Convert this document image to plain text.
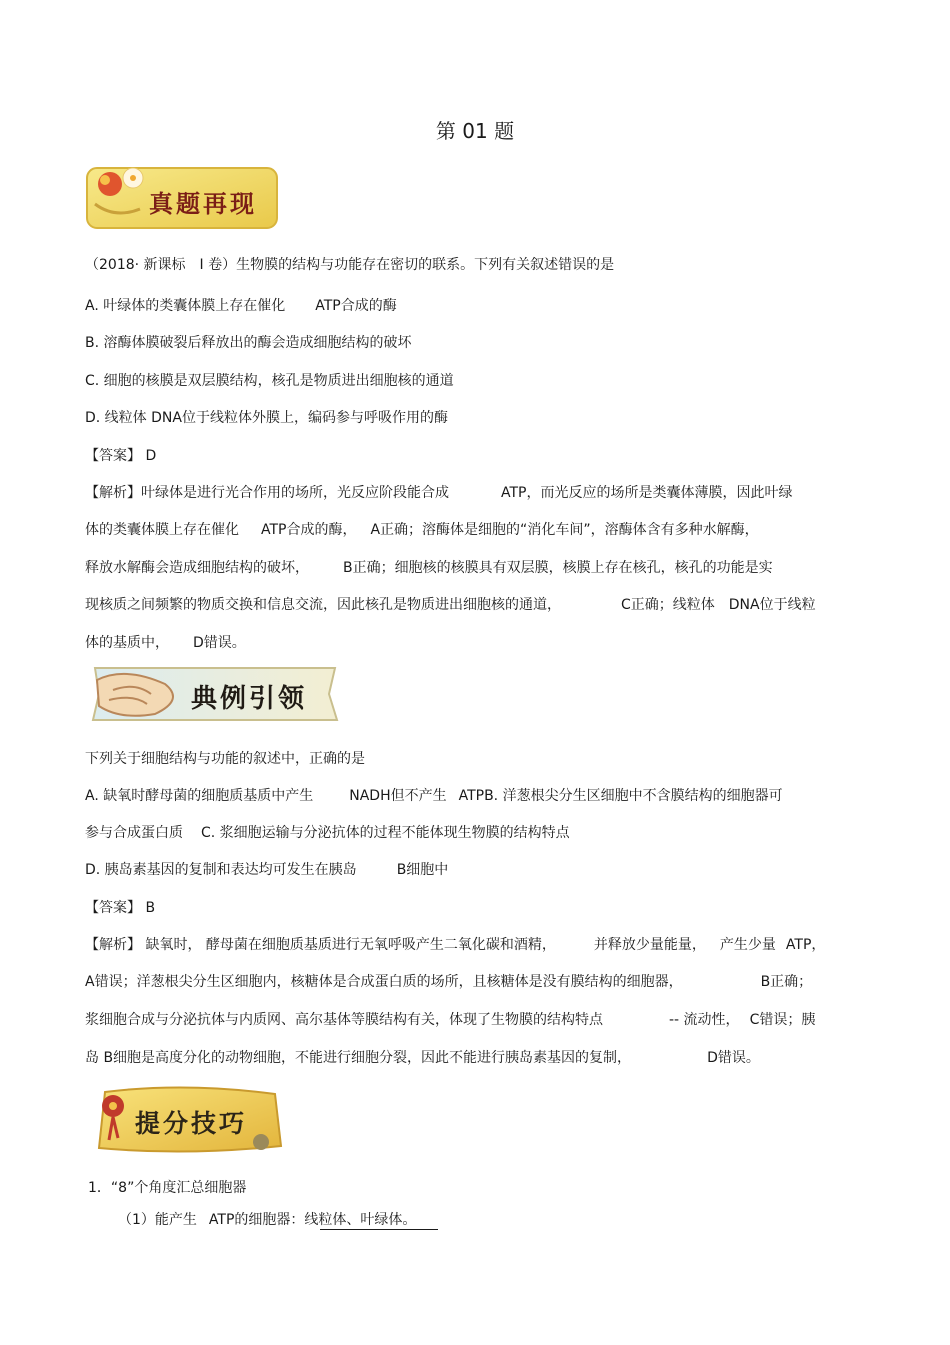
第 01 题
真题再现
（2018· 新课标 Ⅰ 卷）生物膜的结构与功能存在密切的联系。下列有关叙述错误的是
A. 叶绿体的类囊体膜上存在催化 ATP合成的酶
B. 溶酶体膜破裂后释放出的酶会造成细胞结构的破坏
C. 细胞的核膜是双层膜结构，核孔是物质进出细胞核的通道
D. 线粒体 DNA位于线粒体外膜上，编码参与呼吸作用的酶
【答案】 D
【解析】叶绿体是进行光合作用的场所，光反应阶段能合成	ATP，而光反应的场所是类囊体薄膜，因此叶绿
体的类囊体膜上存在催化 ATP合成的酶， A正确；溶酶体是细胞的“消化车间”，溶酶体含有多种水解酶，
释放水解酶会造成细胞结构的破坏， B正确；细胞核的核膜具有双层膜，核膜上存在核孔，核孔的功能是实
现核质之间频繁的物质交换和信息交流，因此核孔是物质进出细胞核的通道，	C正确；线粒体 DNA位于线粒
体的基质中， D错误。
典例引领
下列关于细胞结构与功能的叙述中，正确的是
A. 缺氧时酵母菌的细胞质基质中产生	NADH但不产生 ATPB. 洋葱根尖分生区细胞中不含膜结构的细胞器可
参与合成蛋白质 C. 浆细胞运输与分泌抗体的过程不能体现生物膜的结构特点
D. 胰岛素基因的复制和表达均可发生在胰岛	B细胞中
【答案】 B
【解析】 缺氧时， 酵母菌在细胞质基质进行无氧呼吸产生二氧化碳和酒精，	并释放少量能量， 产生少量 ATP，
A错误；洋葱根尖分生区细胞内，核糖体是合成蛋白质的场所，且核糖体是没有膜结构的细胞器，	B正确；
浆细胞合成与分泌抗体与内质网、高尔基体等膜结构有关，体现了生物膜的结构特点	-- 流动性， C错误；胰
岛 B细胞是高度分化的动物细胞，不能进行细胞分裂，因此不能进行胰岛素基因的复制，	D错误。
提分技巧
1．“8”个角度汇总细胞器
（1）能产生 ATP的细胞器：线粒体、叶绿体。
